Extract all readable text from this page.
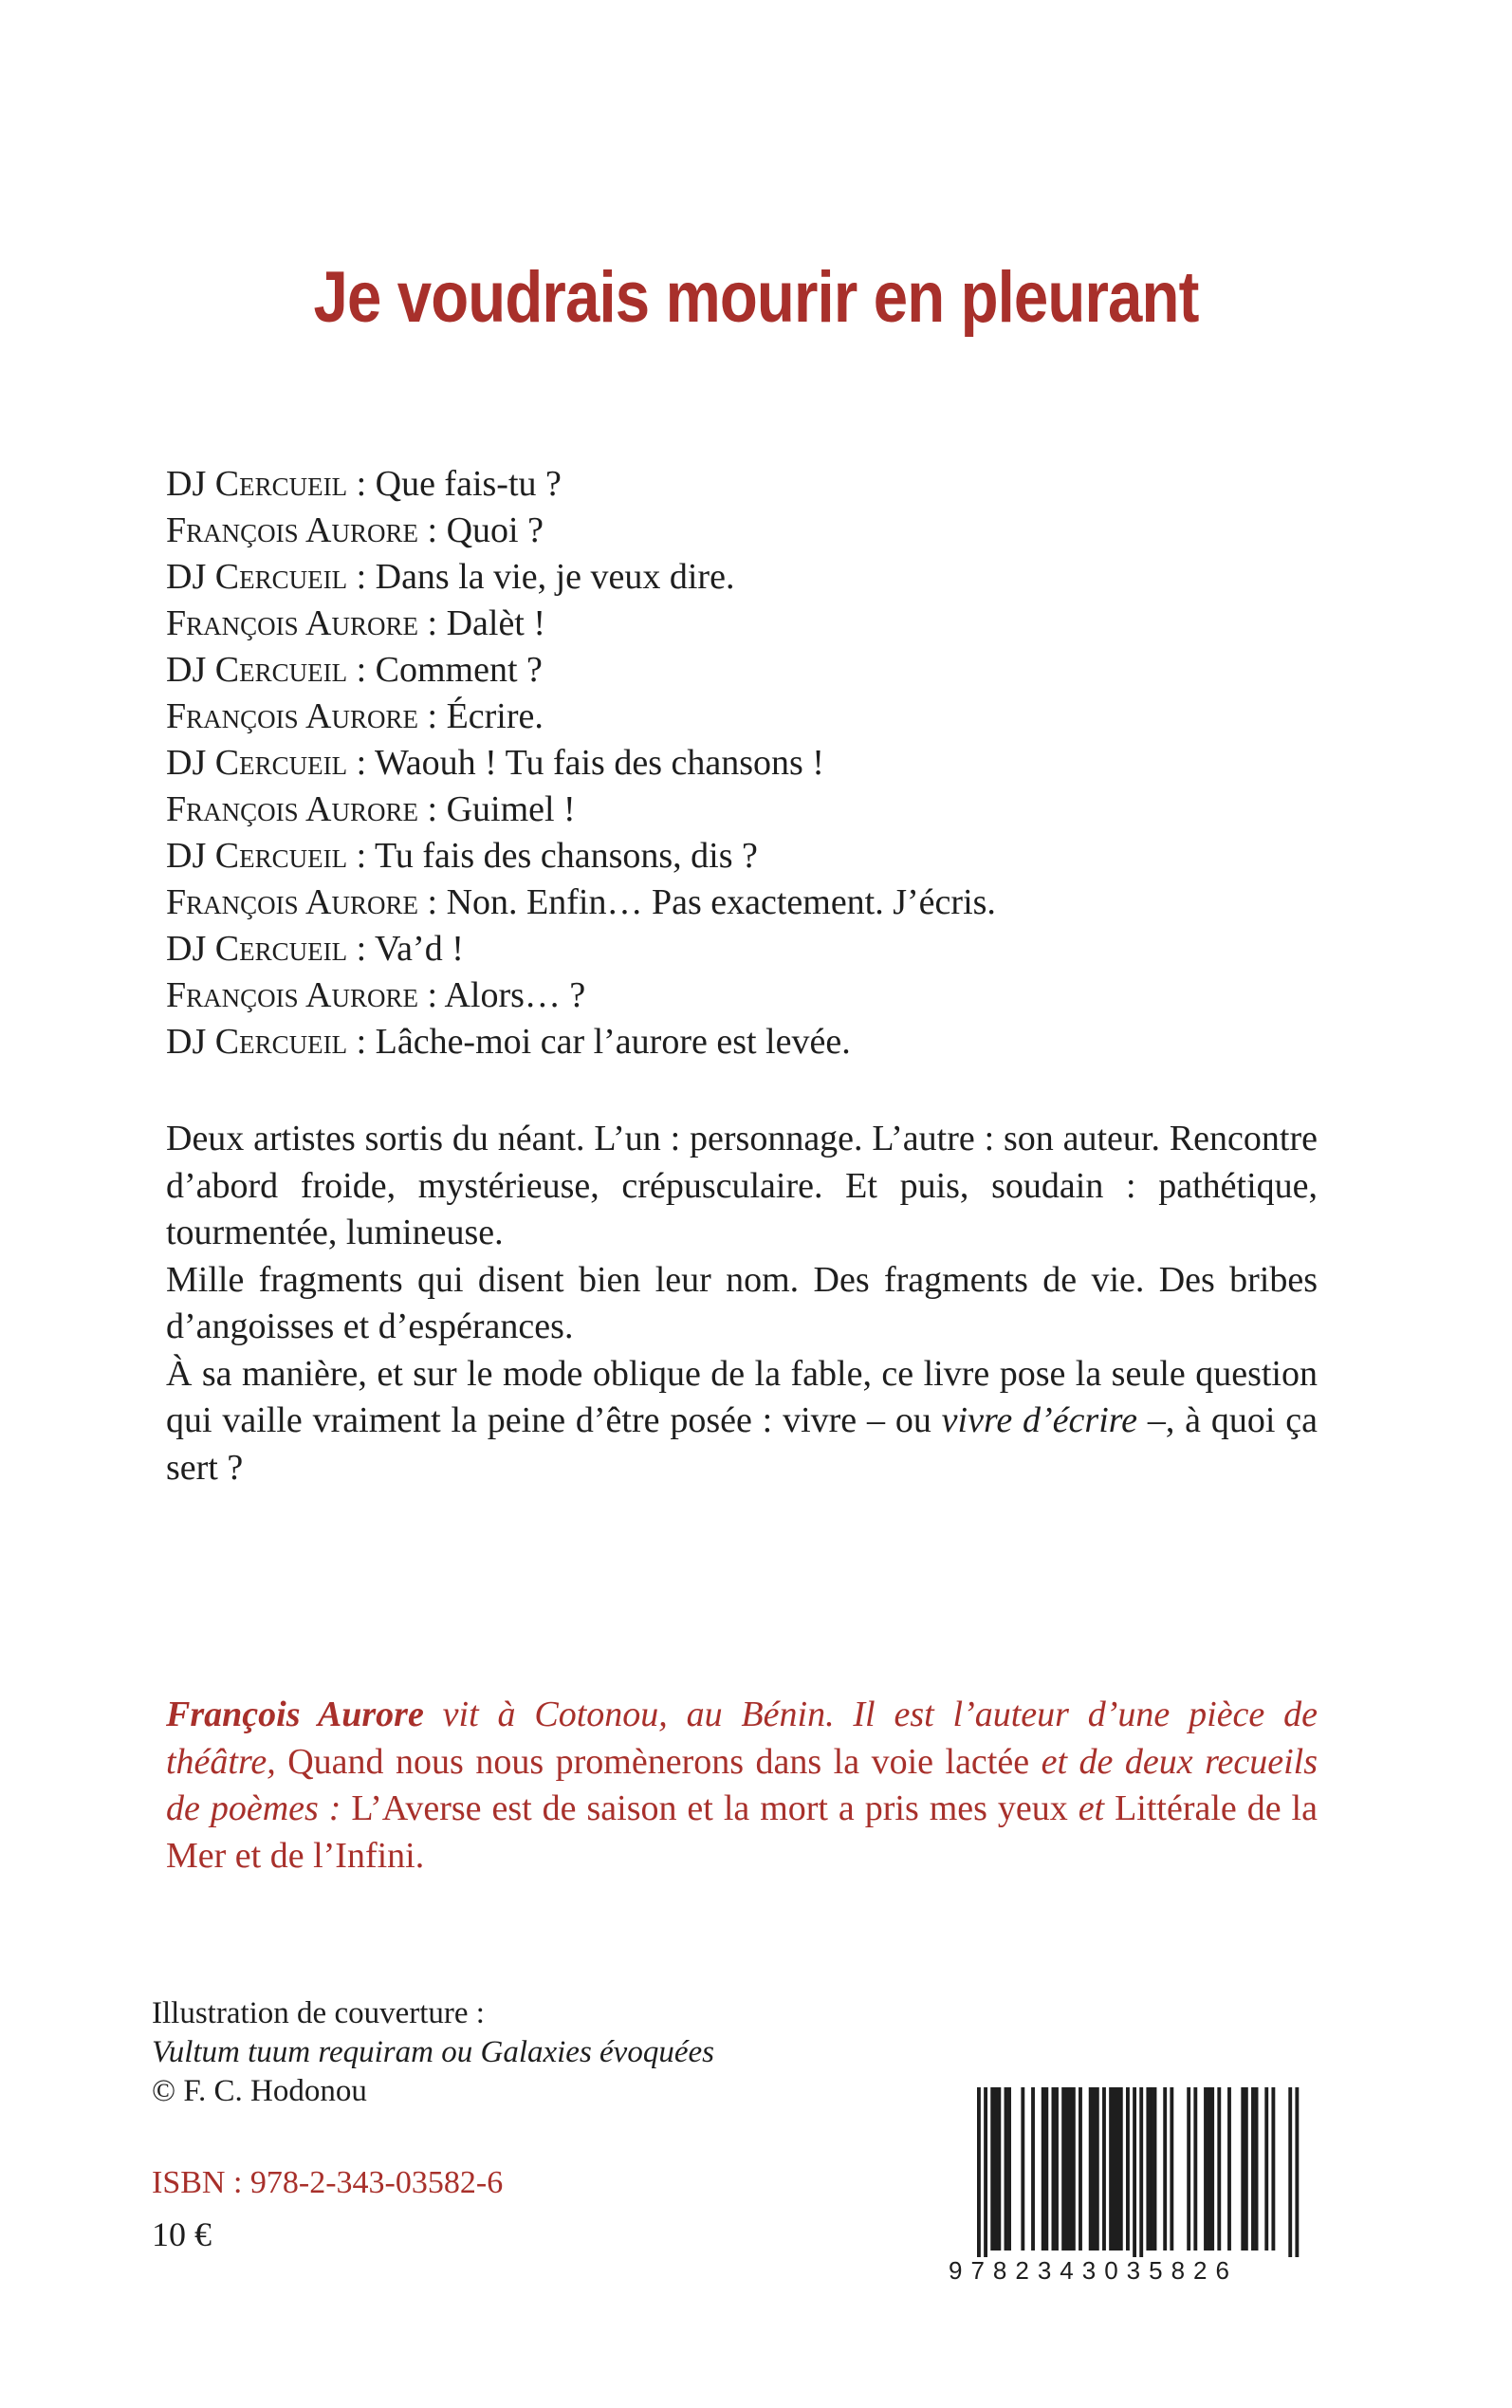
Je voudrais mourir en pleurant
DJ Cercueil : Que fais-tu ?
François Aurore : Quoi ?
DJ Cercueil : Dans la vie, je veux dire.
François Aurore : Dalèt !
DJ Cercueil : Comment ?
François Aurore : Écrire.
DJ Cercueil : Waouh ! Tu fais des chansons !
François Aurore : Guimel !
DJ Cercueil : Tu fais des chansons, dis ?
François Aurore : Non. Enfin… Pas exactement. J’écris.
DJ Cercueil : Va’d !
François Aurore : Alors… ?
DJ Cercueil : Lâche-moi car l’aurore est levée.

Deux artistes sortis du néant. L’un : personnage. L’autre : son auteur. Rencontre d’abord froide, mystérieuse, crépusculaire. Et puis, soudain : pathétique, tourmentée, lumineuse.

Mille fragments qui disent bien leur nom. Des fragments de vie. Des bribes d’angoisses et d’espérances.

À sa manière, et sur le mode oblique de la fable, ce livre pose la seule question qui vaille vraiment la peine d’être posée : vivre – ou vivre d’écrire –, à quoi ça sert ?

François Aurore vit à Cotonou, au Bénin. Il est l’auteur d’une pièce de théâtre, Quand nous nous promènerons dans la voie lactée et de deux recueils de poèmes : L’Averse est de saison et la mort a pris mes yeux et Littérale de la Mer et de l’Infini.

Illustration de couverture :
Vultum tuum requiram ou Galaxies évoquées
© F. C. Hodonou
ISBN : 978-2-343-03582-6
10 €
9782343035826
